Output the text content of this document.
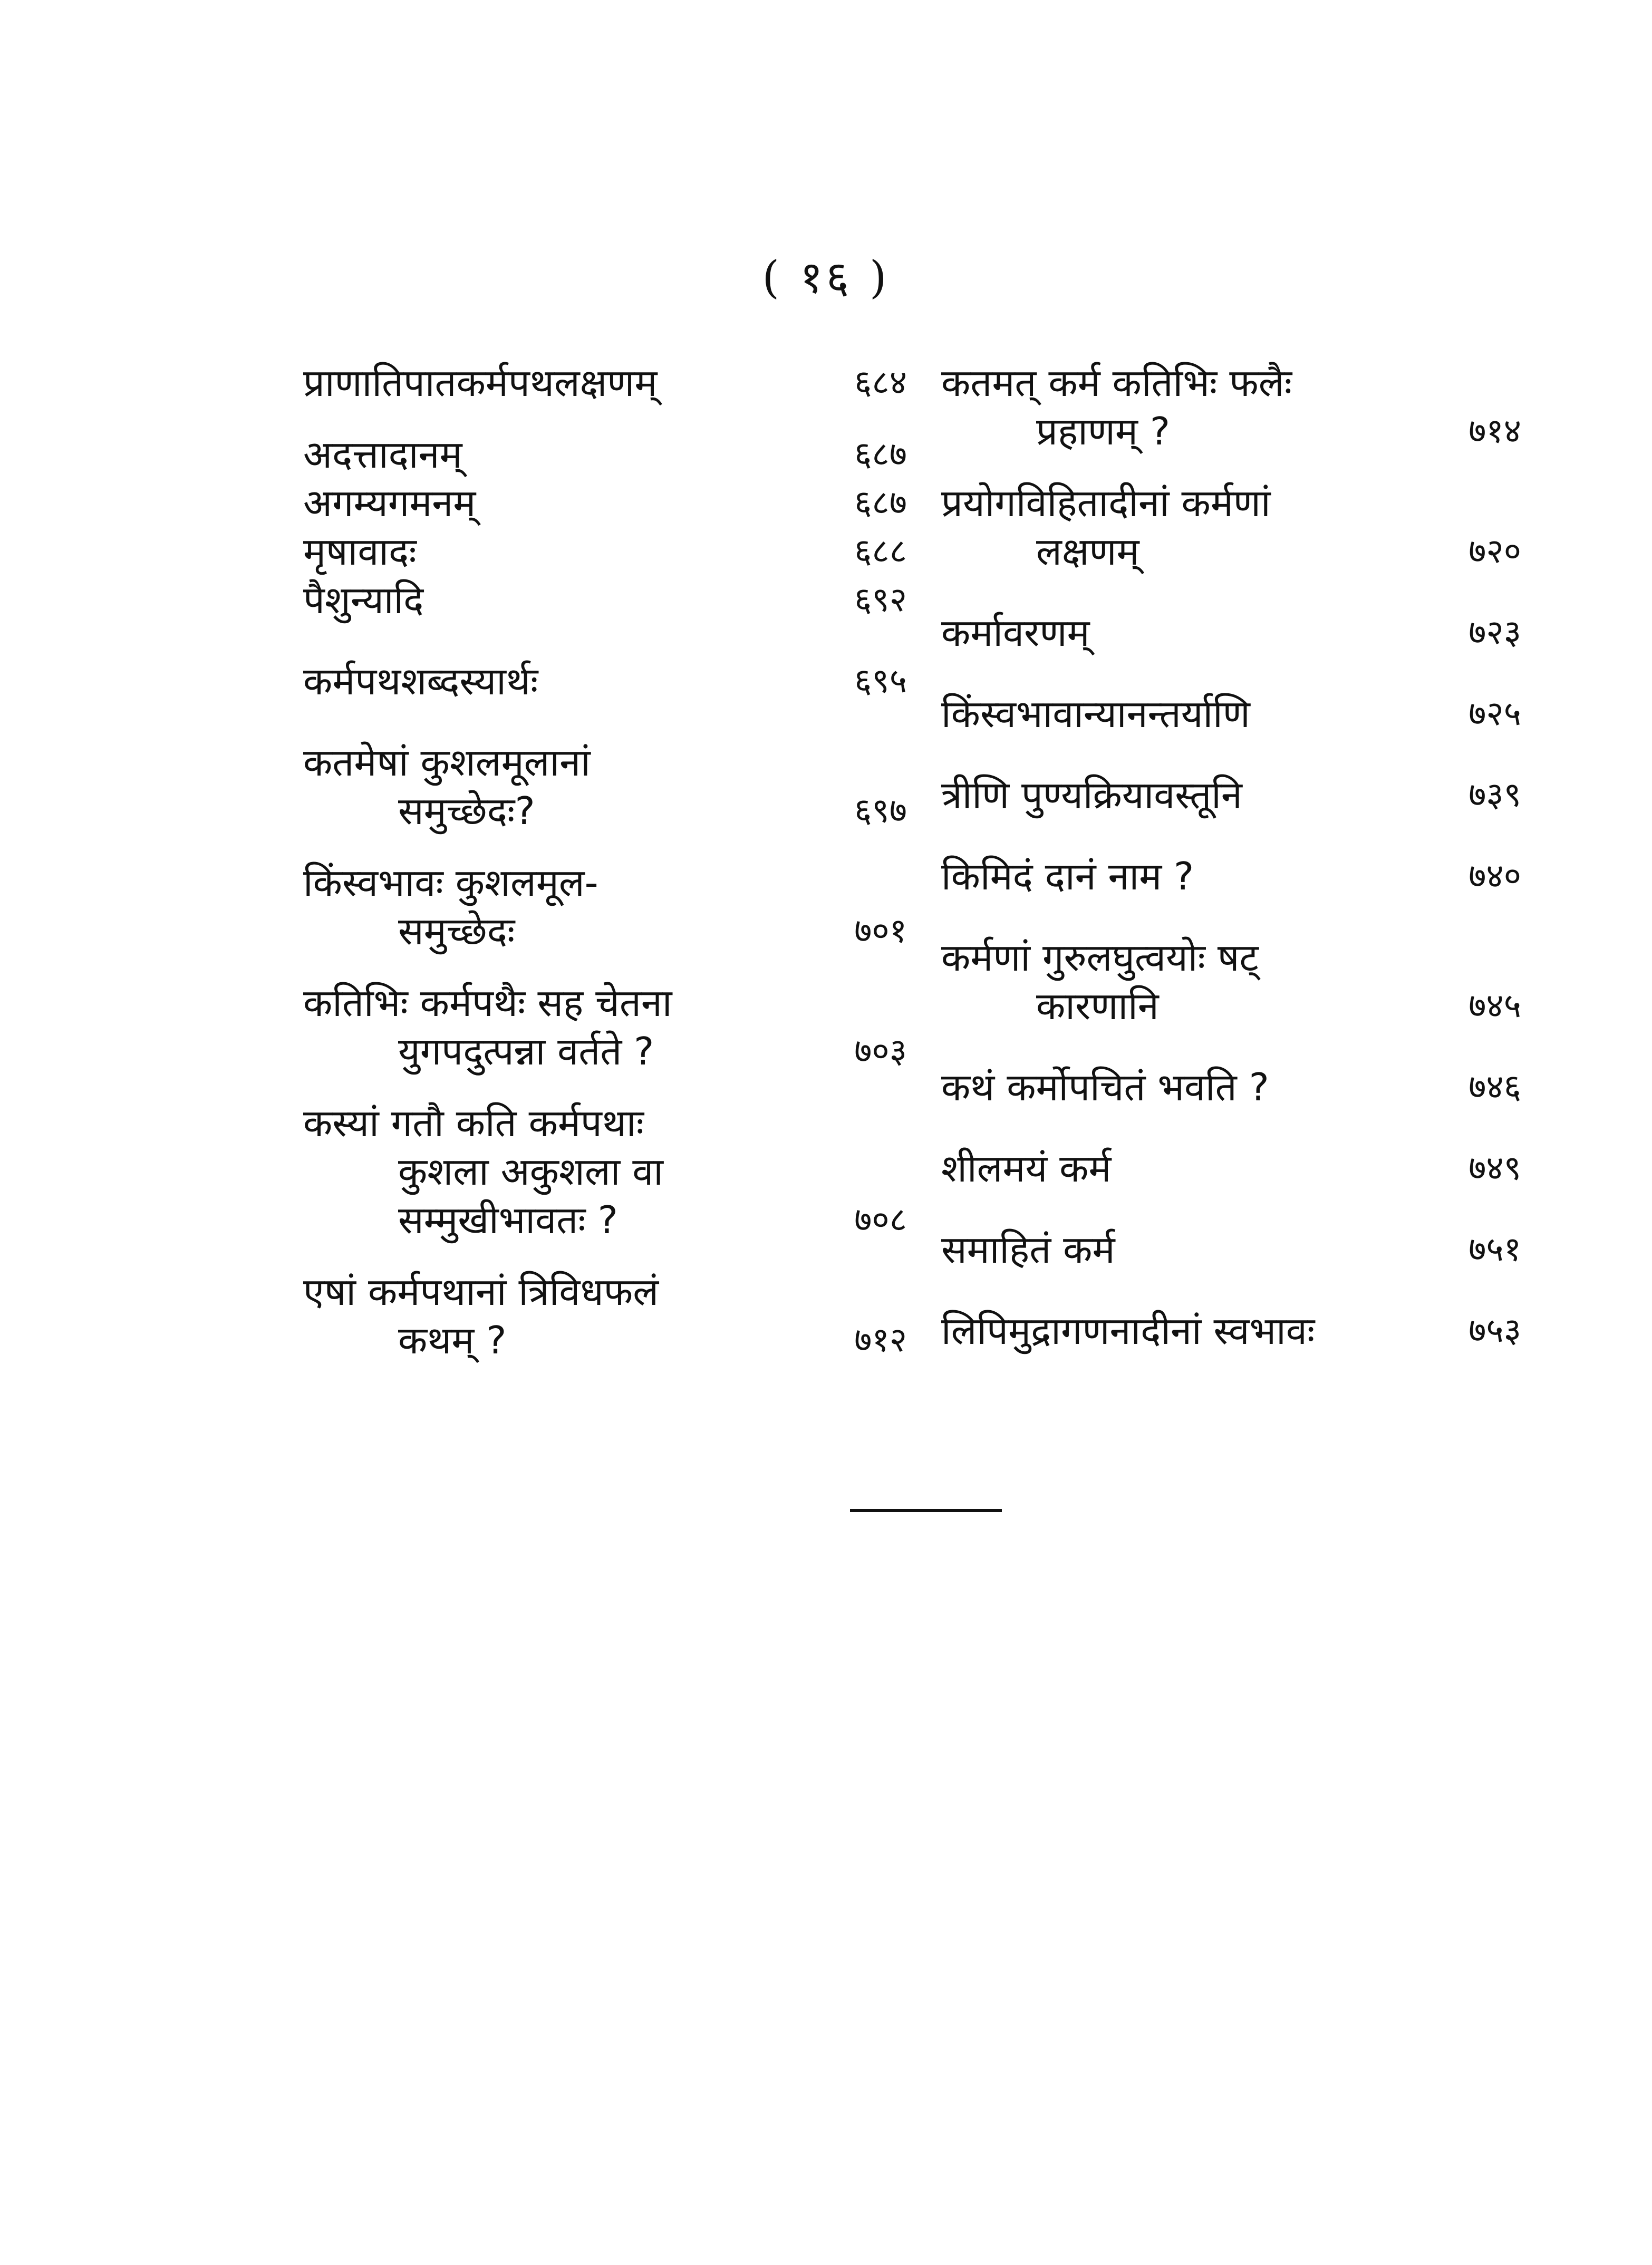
( १६ )
प्राणातिपातकर्मपथलक्षणम्	६८४
अदत्तादानम्	६८७
अगम्यगमनम्	६८७
मृषावादः	६८८
पैशुन्यादि	६९२
कर्मपथशब्दस्यार्थः	६९५
कतमेषां कुशलमूलानां
समुच्छेदः?	६९७
किंस्वभावः कुशलमूल-
समुच्छेदः	७०१
कतिभिः कर्मपथैः सह चेतना
युगपदुत्पन्ना वर्तते ?	७०३
कस्यां गतौ कति कर्मपथाः
कुशला अकुशला वा
सम्मुखीभावतः ?	७०८
एषां कर्मपथानां त्रिविधफलं
कथम् ?	७१२
कतमत् कर्म कतिभिः फलैः
प्रहाणम् ?	७१४
प्रयोगविहितादीनां कर्मणां
लक्षणम्	७२०
कर्मावरणम्	७२३
किंस्वभावान्यानन्तर्याणि	७२५
त्रीणि पुण्यक्रियावस्तूनि	७३९
किमिदं दानं नाम ?	७४०
कर्मणां गुरुलघुत्वयोः षट्
कारणानि	७४५
कथं कर्मोपचितं भवति ?	७४६
शीलमयं कर्म	७४९
समाहितं कर्म	७५१
लिपिमुद्रागणनादीनां स्वभावः	७५३
